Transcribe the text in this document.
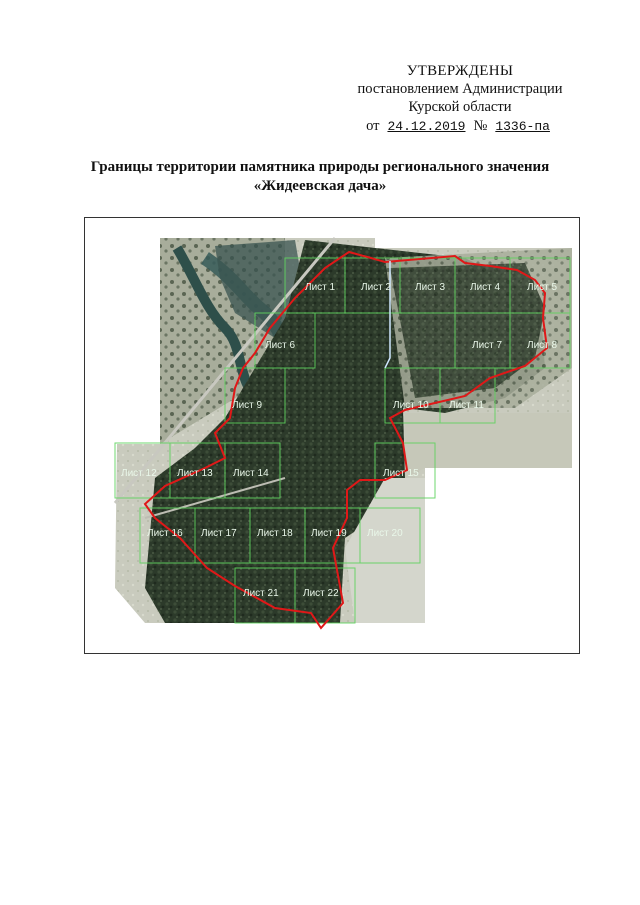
УТВЕРЖДЕНЫ
постановлением Администрации
Курской области
от 24.12.2019 № 1336-па
Границы территории памятника природы регионального значения
«Жидеевская дача»
Лист 1	Лист 2 Лист 3 Лист 4	Лист 5
Лист 6	Лист 7 Лист 8
Лист 9	Лист 10 Лист 11
Лист 12 Лист 13 Лист 14	Лист 15
Лист 16 Лист 17 Лист 18 Лист 19 Лист 20
Лист 21 Лист 22
